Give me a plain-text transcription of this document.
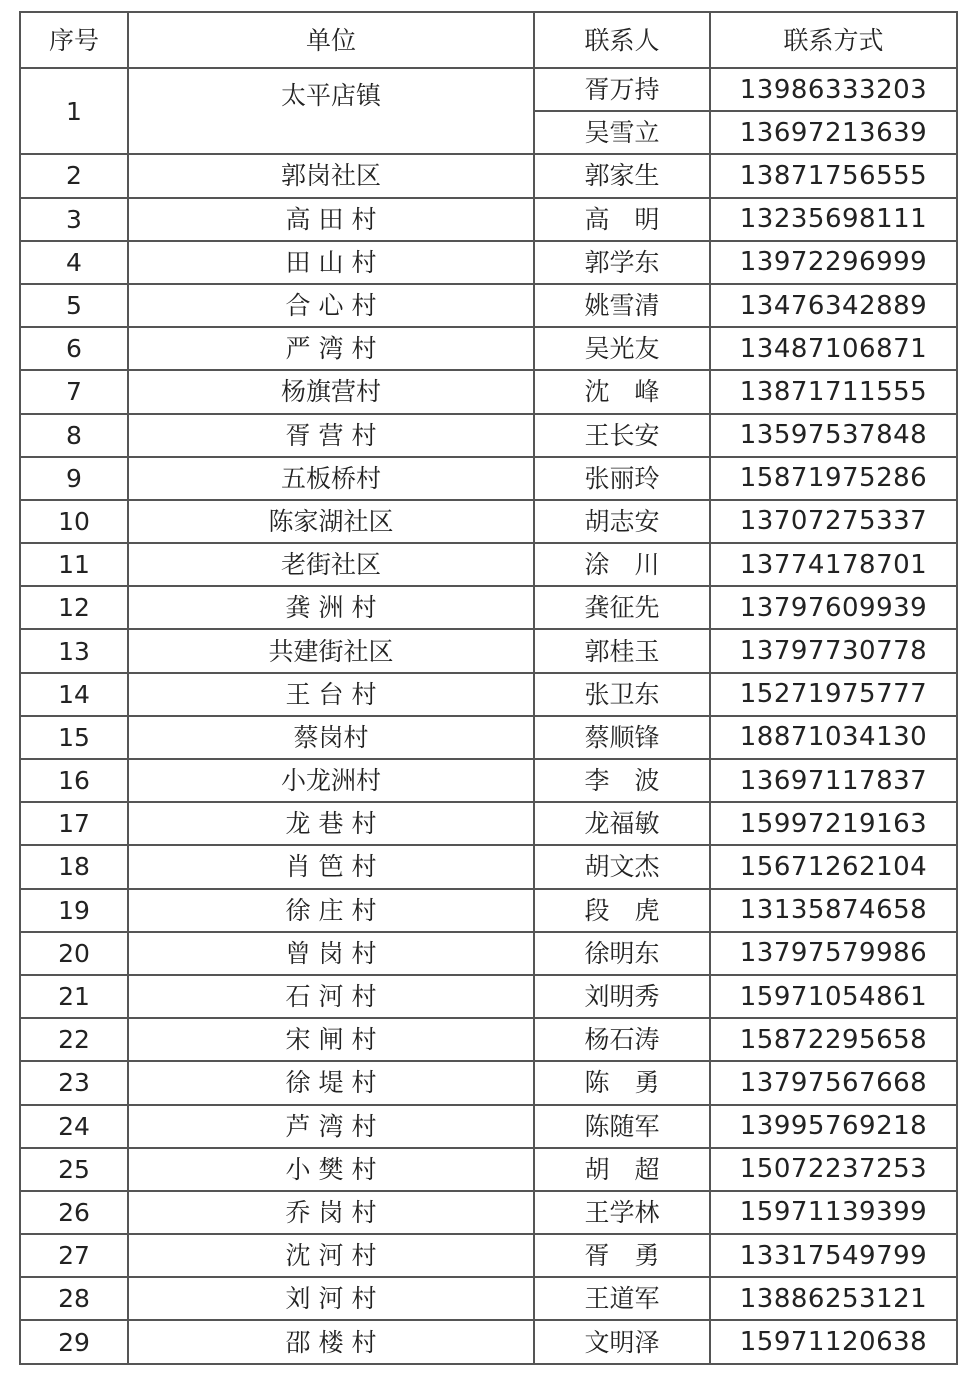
序号	单位	联系人	联系方式
1	太平店镇	胥万持	13986333203
		吴雪立	13697213639
2	郭岗社区	郭家生	13871756555
3	高 田 村	高　明	13235698111
4	田 山 村	郭学东	13972296999
5	合 心 村	姚雪清	13476342889
6	严 湾 村	吴光友	13487106871
7	杨旗营村	沈　峰	13871711555
8	胥 营 村	王长安	13597537848
9	五板桥村	张丽玲	15871975286
10	陈家湖社区	胡志安	13707275337
11	老街社区	涂　川	13774178701
12	龚 洲 村	龚征先	13797609939
13	共建街社区	郭桂玉	13797730778
14	王 台 村	张卫东	15271975777
15	蔡岗村	蔡顺锋	18871034130
16	小龙洲村	李　波	13697117837
17	龙 巷 村	龙福敏	15997219163
18	肖 笆 村	胡文杰	15671262104
19	徐 庄 村	段　虎	13135874658
20	曾 岗 村	徐明东	13797579986
21	石 河 村	刘明秀	15971054861
22	宋 闸 村	杨石涛	15872295658
23	徐 堤 村	陈　勇	13797567668
24	芦 湾 村	陈随军	13995769218
25	小 樊 村	胡　超	15072237253
26	乔 岗 村	王学林	15971139399
27	沈 河 村	胥　勇	13317549799
28	刘 河 村	王道军	13886253121
29	邵 楼 村	文明泽	15971120638
